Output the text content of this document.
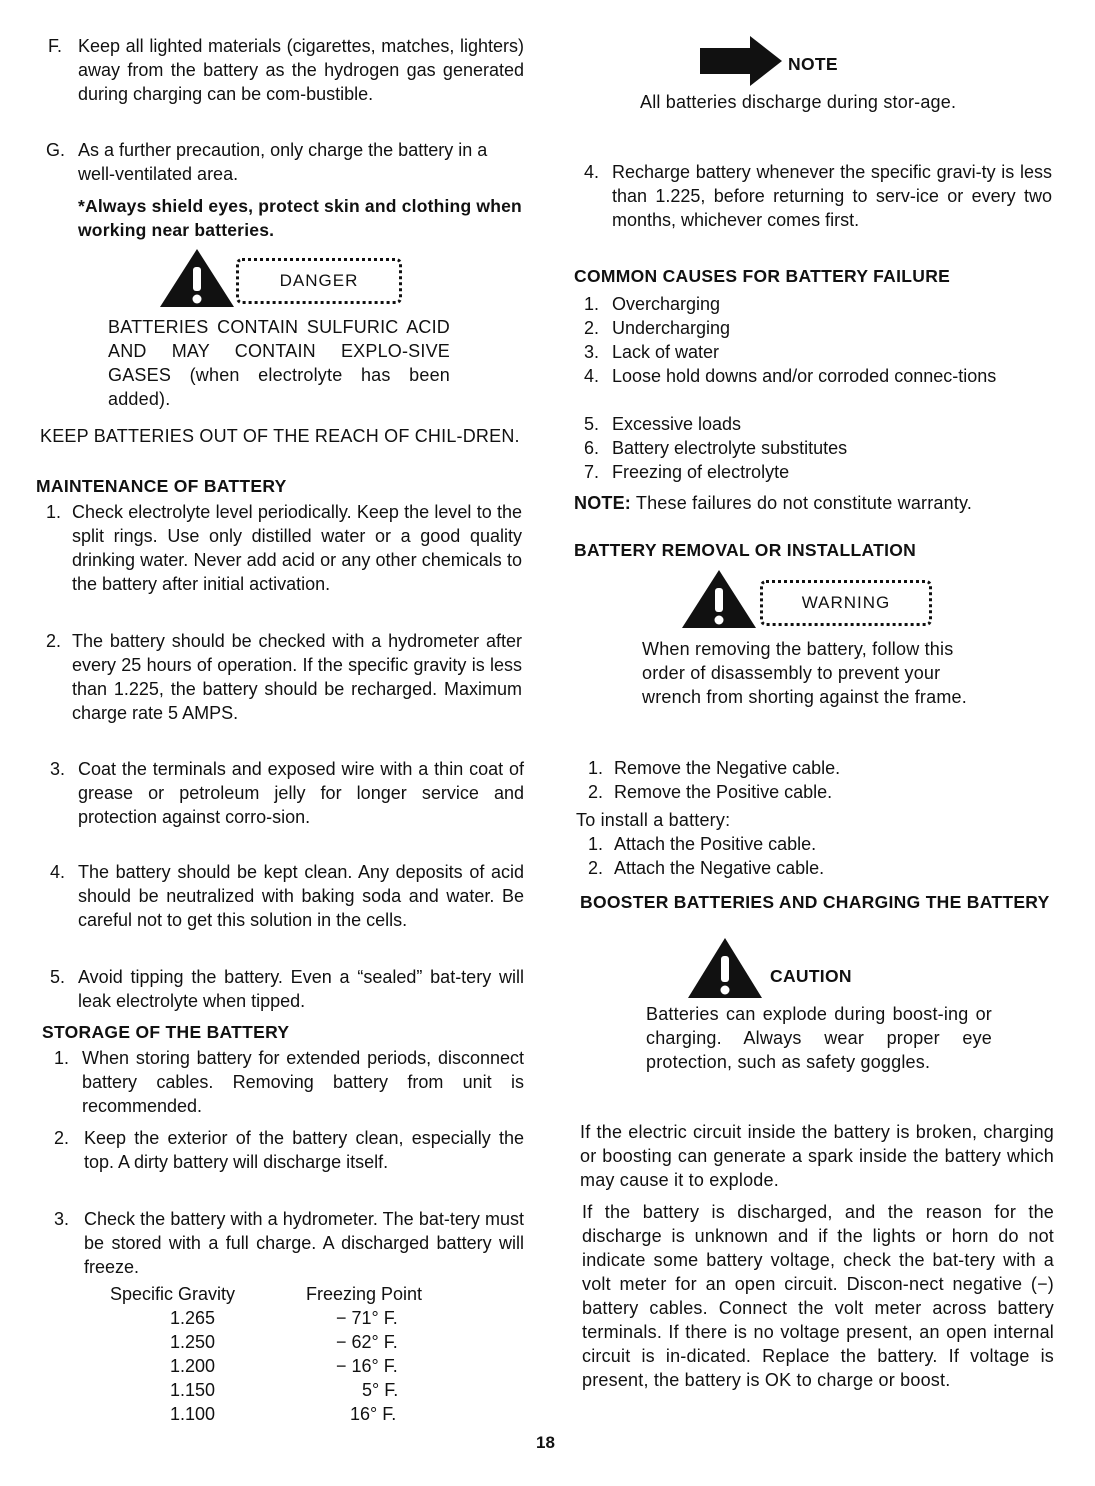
F. Keep all lighted materials (cigarettes, matches, lighters) away from the battery as the hydrogen gas generated during charging can be com-bustible.
G. As a further precaution, only charge the battery in a well-ventilated area.
*Always shield eyes, protect skin and clothing when working near batteries.
DANGER
BATTERIES CONTAIN SULFURIC ACID AND MAY CONTAIN EXPLO-SIVE GASES (when electrolyte has been added).
KEEP BATTERIES OUT OF THE REACH OF CHIL-DREN.
MAINTENANCE OF BATTERY
1. Check electrolyte level periodically. Keep the level to the split rings. Use only distilled water or a good quality drinking water. Never add acid or any other chemicals to the battery after initial activation.
2. The battery should be checked with a hydrometer after every 25 hours of operation. If the specific gravity is less than 1.225, the battery should be recharged. Maximum charge rate 5 AMPS.
3. Coat the terminals and exposed wire with a thin coat of grease or petroleum jelly for longer service and protection against corro-sion.
4. The battery should be kept clean. Any deposits of acid should be neutralized with baking soda and water. Be careful not to get this solution in the cells.
5. Avoid tipping the battery. Even a “sealed” bat-tery will leak electrolyte when tipped.
STORAGE OF THE BATTERY
1. When storing battery for extended periods, disconnect battery cables. Removing battery from unit is recommended.
2. Keep the exterior of the battery clean, especially the top. A dirty battery will discharge itself.
3. Check the battery with a hydrometer. The bat-tery must be stored with a full charge. A discharged battery will freeze.
Specific Gravity	Freezing Point
1.265	− 71° F.
1.250	− 62° F.
1.200	− 16° F.
1.150	5° F.
1.100	16° F.
NOTE
All batteries discharge during stor-age.
4. Recharge battery whenever the specific gravi-ty is less than 1.225, before returning to serv-ice or every two months, whichever comes first.
COMMON CAUSES FOR BATTERY FAILURE
1. Overcharging
2. Undercharging
3. Lack of water
4. Loose hold downs and/or corroded connec-tions
5. Excessive loads
6. Battery electrolyte substitutes
7. Freezing of electrolyte
NOTE: These failures do not constitute warranty.
BATTERY REMOVAL OR INSTALLATION
WARNING
When removing the battery, follow this order of disassembly to prevent your wrench from shorting against the frame.
1. Remove the Negative cable.
2. Remove the Positive cable.
To install a battery:
1. Attach the Positive cable.
2. Attach the Negative cable.
BOOSTER BATTERIES AND CHARGING THE BATTERY
CAUTION
Batteries can explode during boost-ing or charging. Always wear proper eye protection, such as safety goggles.
If the electric circuit inside the battery is broken, charging or boosting can generate a spark inside the battery which may cause it to explode.
If the battery is discharged, and the reason for the discharge is unknown and if the lights or horn do not indicate some battery voltage, check the bat-tery with a volt meter for an open circuit. Discon-nect negative (−) battery cables. Connect the volt meter across battery terminals. If there is no voltage present, an open internal circuit is in-dicated. Replace the battery. If voltage is present, the battery is OK to charge or boost.
18
